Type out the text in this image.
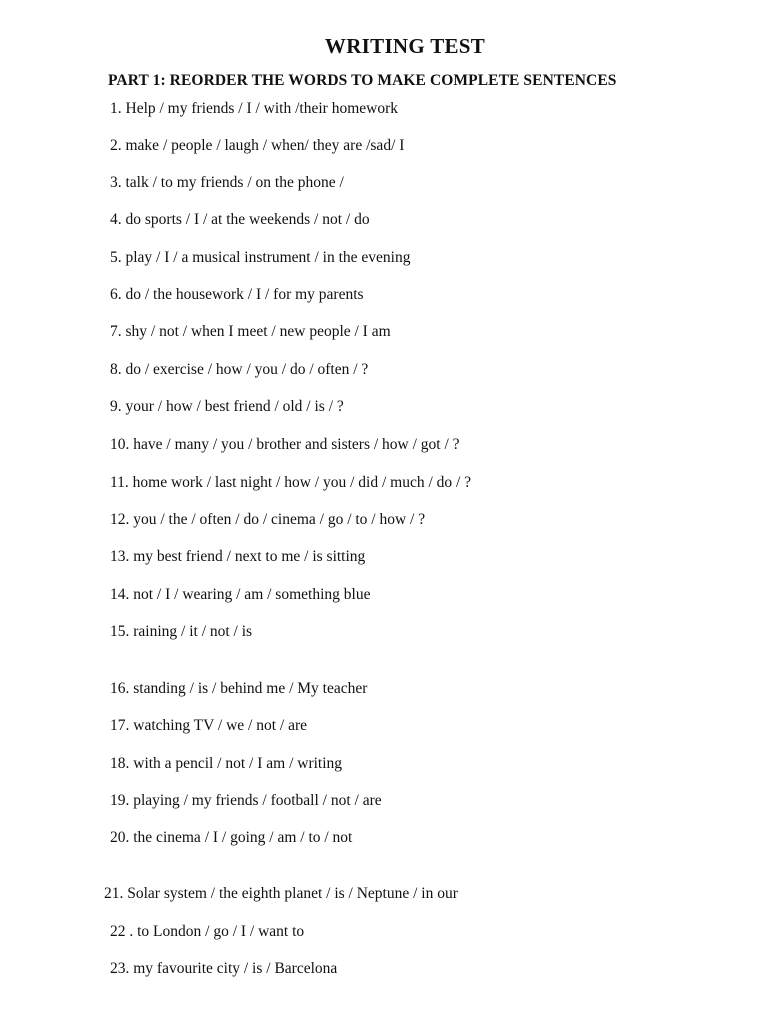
WRITING TEST
PART 1: REORDER THE WORDS TO MAKE COMPLETE SENTENCES
1. Help / my friends / I / with /their homework
2. make / people / laugh / when/ they are /sad/ I
3. talk / to my friends / on the phone /
4. do sports / I / at the weekends / not / do
5. play / I / a musical instrument / in the evening
6. do / the housework / I / for my parents
7. shy / not / when I meet / new people / I am
8. do / exercise / how / you / do / often / ?
9. your / how / best friend / old / is / ?
10. have / many / you / brother and sisters / how / got / ?
11. home work / last night / how / you / did / much / do / ?
12. you / the / often / do / cinema / go / to / how / ?
13. my best friend / next to me / is sitting
14. not / I / wearing / am / something blue
15. raining / it / not / is
16. standing / is / behind me / My teacher
17. watching TV / we / not / are
18. with a pencil / not / I am / writing
19. playing / my friends / football / not / are
20. the cinema / I / going / am / to / not
21. Solar system / the eighth planet / is / Neptune / in our
22 . to London / go / I / want to
23. my favourite city / is / Barcelona
